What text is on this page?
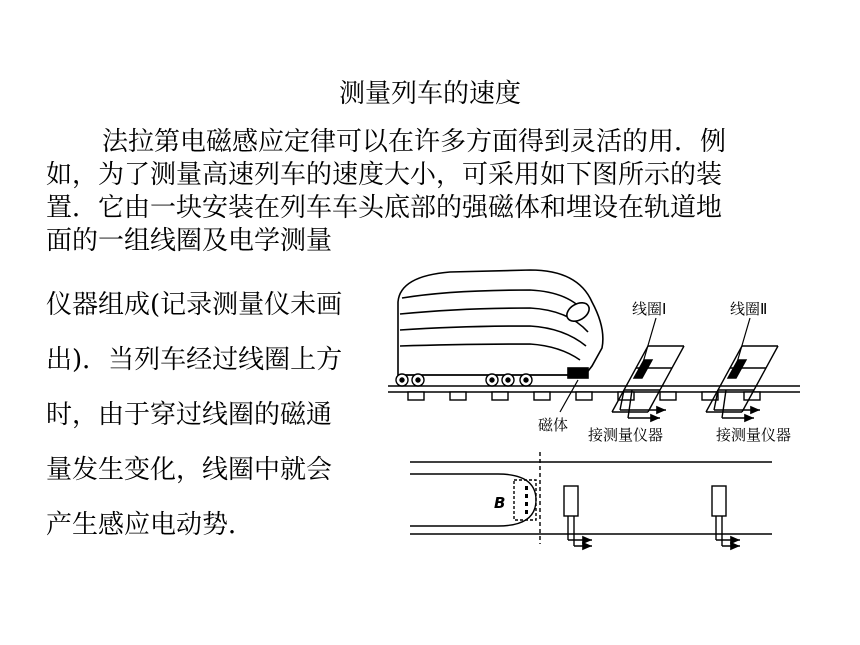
测量列车的速度
法拉第电磁感应定律可以在许多方面得到灵活的用．例
如，为了测量高速列车的速度大小，可采用如下图所示的装
置．它由一块安装在列车车头底部的强磁体和埋设在轨道地
面的一组线圈及电学测量
仪器组成(记录测量仪未画
出)．当列车经过线圈上方
时，由于穿过线圈的磁通
量发生变化，线圈中就会
产生感应电动势．
线圈Ⅰ	线圈Ⅱ
磁体
接测量仪器	接测量仪器
B
